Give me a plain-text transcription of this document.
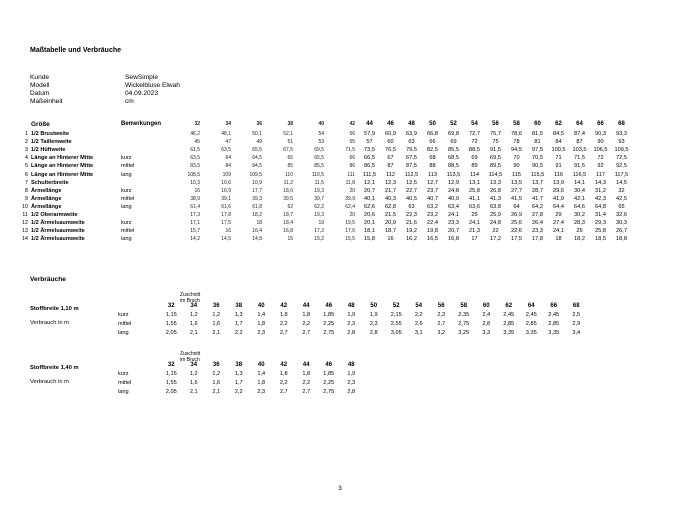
Maßtabelle und Verbräuche
Kunde	SewSimple
Modell	Wickelbluse Elwah
Datum	04.09.2023
Maßeinheit	cm
	Größe	Bemerkungen	32	34	36	38	40	42	44	46	48	50	52	54	56	58	60	62	64	66	68
1	1/2 Brustweite		46,2	48,1	50,1	52,1	54	56	57,9	60,9	63,9	66,8	69,8	72,7	75,7	78,6	81,5	84,5	87,4	90,3	93,3
2	1/2 Taillenweite		45	47	49	51	53	55	57	60	63	66	69	72	75	78	81	84	87	90	93
3	1/2 Hüftweite		61,5	63,5	65,5	67,5	69,5	71,5	73,5	76,5	79,5	82,5	85,5	88,5	91,5	94,5	97,5	100,5	103,5	106,5	109,5
4	Länge an Hinterer Mitte	kurz	63,5	64	64,5	65	65,5	66	66,5	67	67,5	68	68,5	69	69,5	70	70,5	71	71,5	72	72,5
5	Länge an Hinterer Mitte	mittel	83,5	84	84,5	85	85,5	86	86,5	87	87,5	88	88,5	89	89,5	90	90,5	91	91,5	92	92,5
6	Länge an Hinterer Mitte	lang	108,5	109	109,5	110	110,5	111	111,5	112	112,5	113	113,5	114	114,5	115	115,5	116	116,5	117	117,5
7	Schulterbreite		10,3	10,6	10,9	11,2	11,5	11,8	12,1	12,3	12,5	12,7	12,9	13,1	13,3	13,5	13,7	13,9	14,1	14,3	14,5
8	Ärmellänge	kurz	16	16,9	17,7	18,6	19,3	20	20,7	21,7	22,7	23,7	24,8	25,8	26,8	27,7	28,7	29,6	30,4	31,2	32
9	Ärmellänge	mittel	38,9	39,1	39,3	39,5	39,7	39,9	40,1	40,3	40,5	40,7	40,9	41,1	41,3	41,5	41,7	41,9	42,1	42,3	42,5
10	Ärmellänge	lang	61,4	61,6	61,8	62	62,2	62,4	62,6	62,8	63	63,2	63,4	63,6	63,8	64	64,2	64,4	64,6	64,8	65
11	1/2 Oberarmweite		17,3	17,8	18,2	18,7	19,3	20	20,6	21,5	22,3	23,2	24,1	25	25,9	26,9	27,8	29	30,2	31,4	32,6
12	1/2 Ärmelsaumweite	kurz	17,1	17,5	18	18,4	19	19,5	20,1	20,9	21,6	22,4	23,3	24,1	24,8	25,6	26,4	27,4	28,3	29,3	30,3
13	1/2 Ärmelsaumweite	mittel	15,7	16	16,4	16,8	17,2	17,6	18,1	18,7	19,2	19,8	20,7	21,3	22	22,6	23,3	24,1	25	25,8	26,7
14	1/2 Ärmelsaumweite	lang	14,2	14,5	14,8	15	15,2	15,5	15,8	16	16,2	16,5	16,8	17	17,2	17,5	17,8	18	18,2	18,5	18,8
Verbräuche
Zuschnitt im Bruch
Stoffbreite 1,10 m
Verbrauch in m
	32	34	36	38	40	42	44	46	48	50	52	54	56	58	60	62	64	66	68
kurz	1,15	1,2	1,2	1,3	1,4	1,8	1,8	1,85	1,9	1,9	2,15	2,2	2,3	2,35	2,4	2,45	2,45	2,45	2,5
mittel	1,55	1,6	1,6	1,7	1,8	2,2	2,2	2,25	2,3	2,3	2,55	2,6	2,7	2,75	2,8	2,85	2,85	2,85	2,9
lang	2,05	2,1	2,1	2,2	2,3	2,7	2,7	2,75	2,8	2,8	3,05	3,1	3,2	3,25	3,3	3,35	3,35	3,35	3,4
Zuschnitt im Bruch
Stoffbreite 1,40 m
Verbrauch in m
	32	34	36	38	40	42	44	46	48
kurz	1,15	1,2	1,2	1,3	1,4	1,8	1,8	1,85	1,9
mittel	1,55	1,6	1,6	1,7	1,8	2,2	2,2	2,25	2,3
lang	2,05	2,1	2,1	2,2	2,3	2,7	2,7	2,75	2,8
3
